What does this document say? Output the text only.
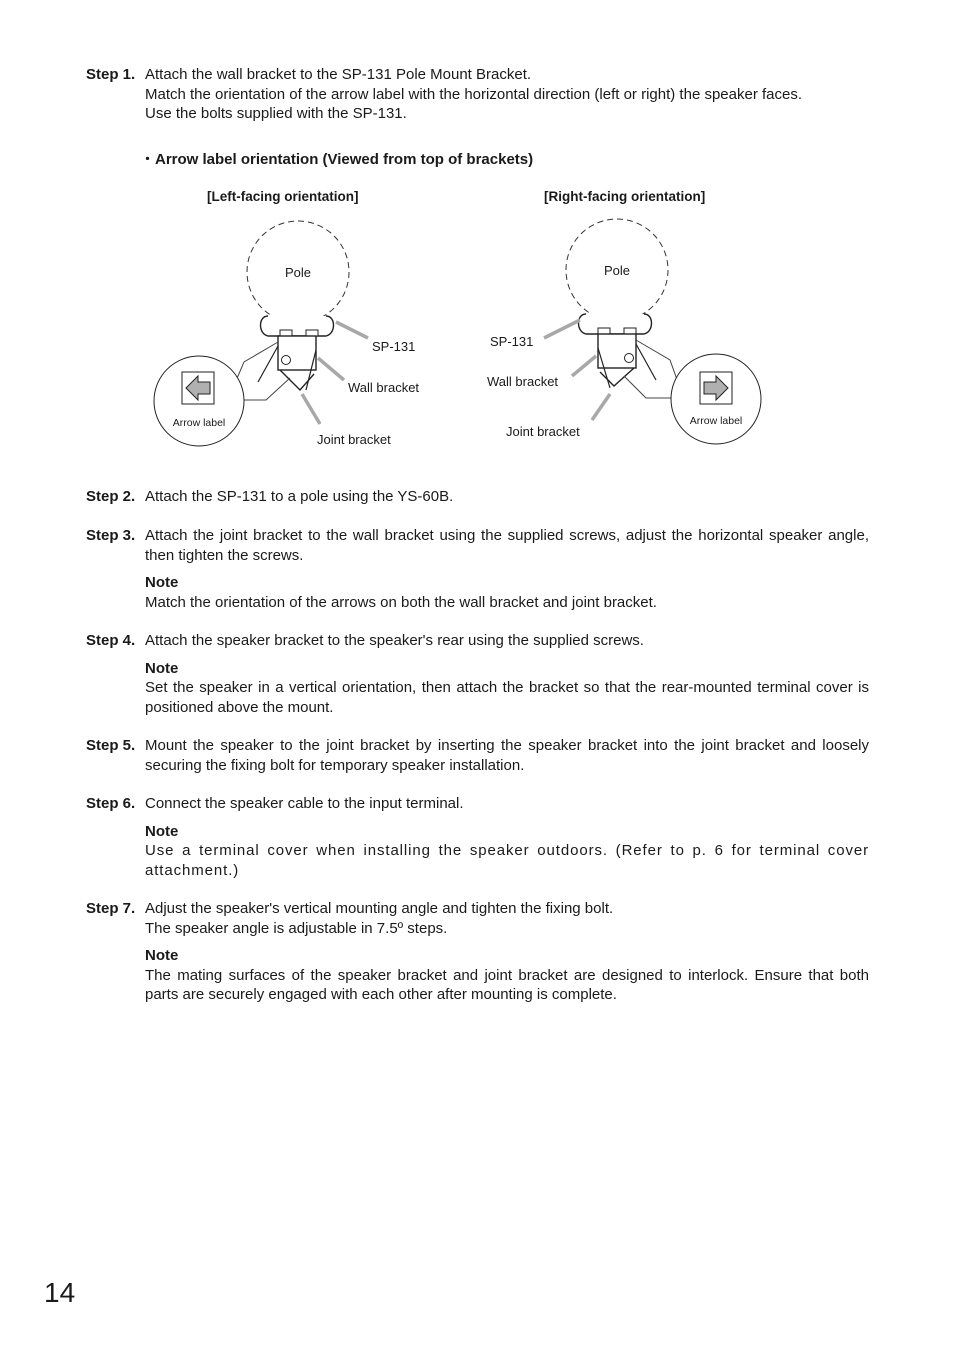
Step 1. Attach the wall bracket to the SP-131 Pole Mount Bracket.

Match the orientation of the arrow label with the horizontal direction (left or right) the speaker faces.

Use the bolts supplied with the SP-131.

・Arrow label orientation (Viewed from top of brackets)
[Left-facing orientation]	[Right-facing orientation]
Pole
SP-131
Wall bracket
Joint bracket
Arrow label
Pole
SP-131
Wall bracket
Joint bracket
Arrow label
Step 2. Attach the SP-131 to a pole using the YS-60B.

Step 3. Attach the joint bracket to the wall bracket using the supplied screws, adjust the horizontal speaker angle, then tighten the screws.

Note

Match the orientation of the arrows on both the wall bracket and joint bracket.

Step 4. Attach the speaker bracket to the speaker's rear using the supplied screws.

Note

Set the speaker in a vertical orientation, then attach the bracket so that the rear-mounted terminal cover is positioned above the mount.

Step 5. Mount the speaker to the joint bracket by inserting the speaker bracket into the joint bracket and loosely securing the fixing bolt for temporary speaker installation.

Step 6. Connect the speaker cable to the input terminal.

Note

Use a terminal cover when installing the speaker outdoors. (Refer to p. 6 for terminal cover attachment.)

Step 7. Adjust the speaker's vertical mounting angle and tighten the fixing bolt.

The speaker angle is adjustable in 7.5º steps.

Note

The mating surfaces of the speaker bracket and joint bracket are designed to interlock. Ensure that both parts are securely engaged with each other after mounting is complete.

14
